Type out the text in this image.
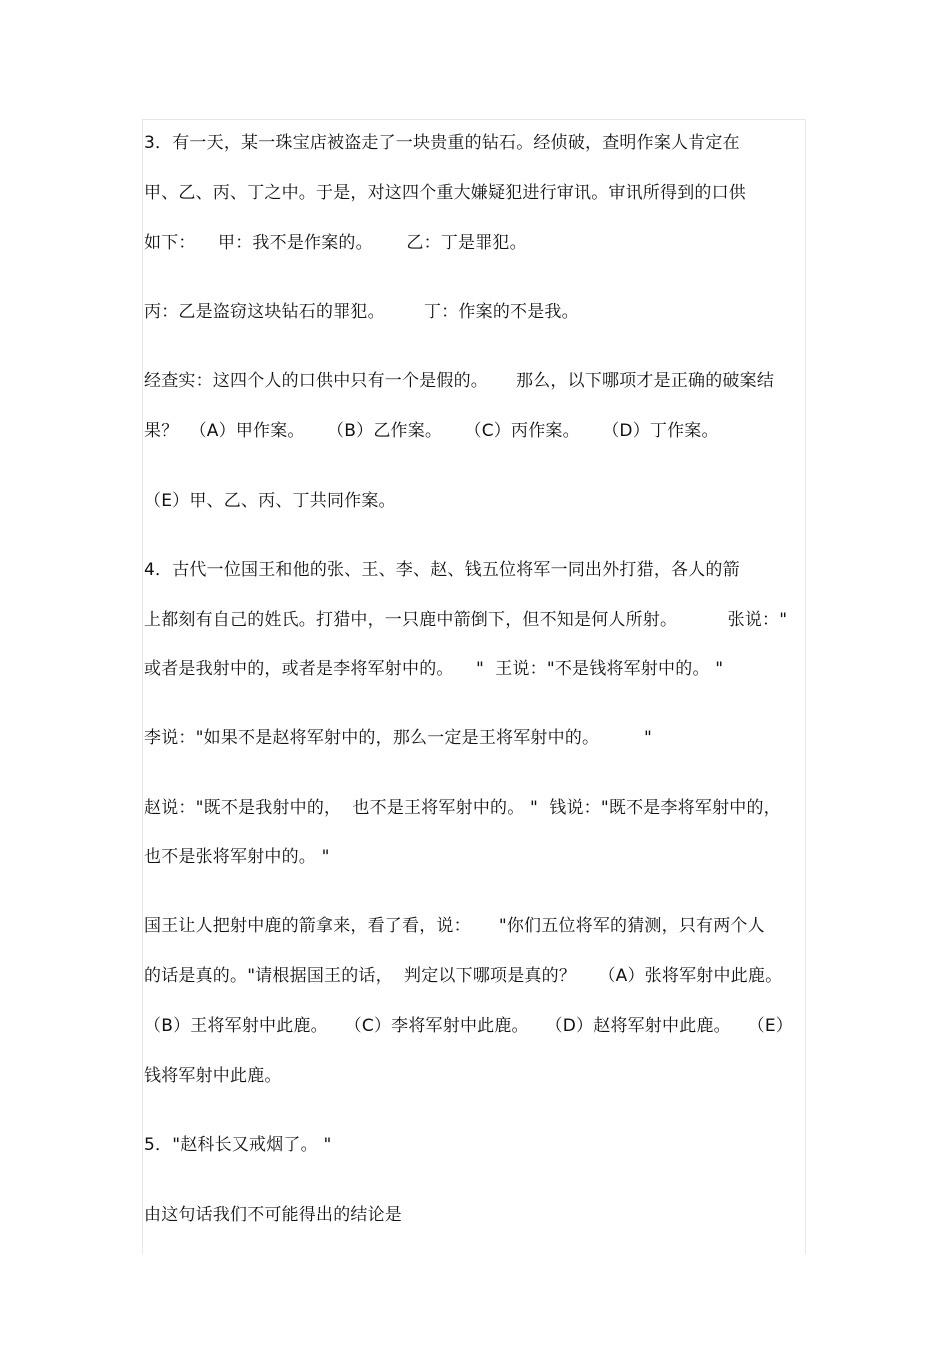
3．有一天，某一珠宝店被盗走了一块贵重的钻石。经侦破，查明作案人肯定在
甲、乙、丙、丁之中。于是，对这四个重大嫌疑犯进行审讯。审讯所得到的口供
如下：    甲：我不是作案的。      乙：丁是罪犯。
丙：乙是盗窃这块钻石的罪犯。       丁：作案的不是我。
经查实：这四个人的口供中只有一个是假的。     那么，以下哪项才是正确的破案结
果？  （A）甲作案。    （B）乙作案。    （C）丙作案。    （D）丁作案。
（E）甲、乙、丙、丁共同作案。
4．古代一位国王和他的张、王、李、赵、钱五位将军一同出外打猎，各人的箭
上都刻有自己的姓氏。打猎中，一只鹿中箭倒下，但不知是何人所射。         张说："
或者是我射中的，或者是李将军射中的。    "  王说："不是钱将军射中的。 "
李说："如果不是赵将军射中的，那么一定是王将军射中的。        "
赵说："既不是我射中的，  也不是王将军射中的。 "  钱说："既不是李将军射中的，
也不是张将军射中的。 "
国王让人把射中鹿的箭拿来，看了看，说：     "你们五位将军的猜测，只有两个人
的话是真的。"请根据国王的话，  判定以下哪项是真的？    （A）张将军射中此鹿。
（B）王将军射中此鹿。   （C）李将军射中此鹿。   （D）赵将军射中此鹿。   （E）
钱将军射中此鹿。
5．"赵科长又戒烟了。 "
由这句话我们不可能得出的结论是
